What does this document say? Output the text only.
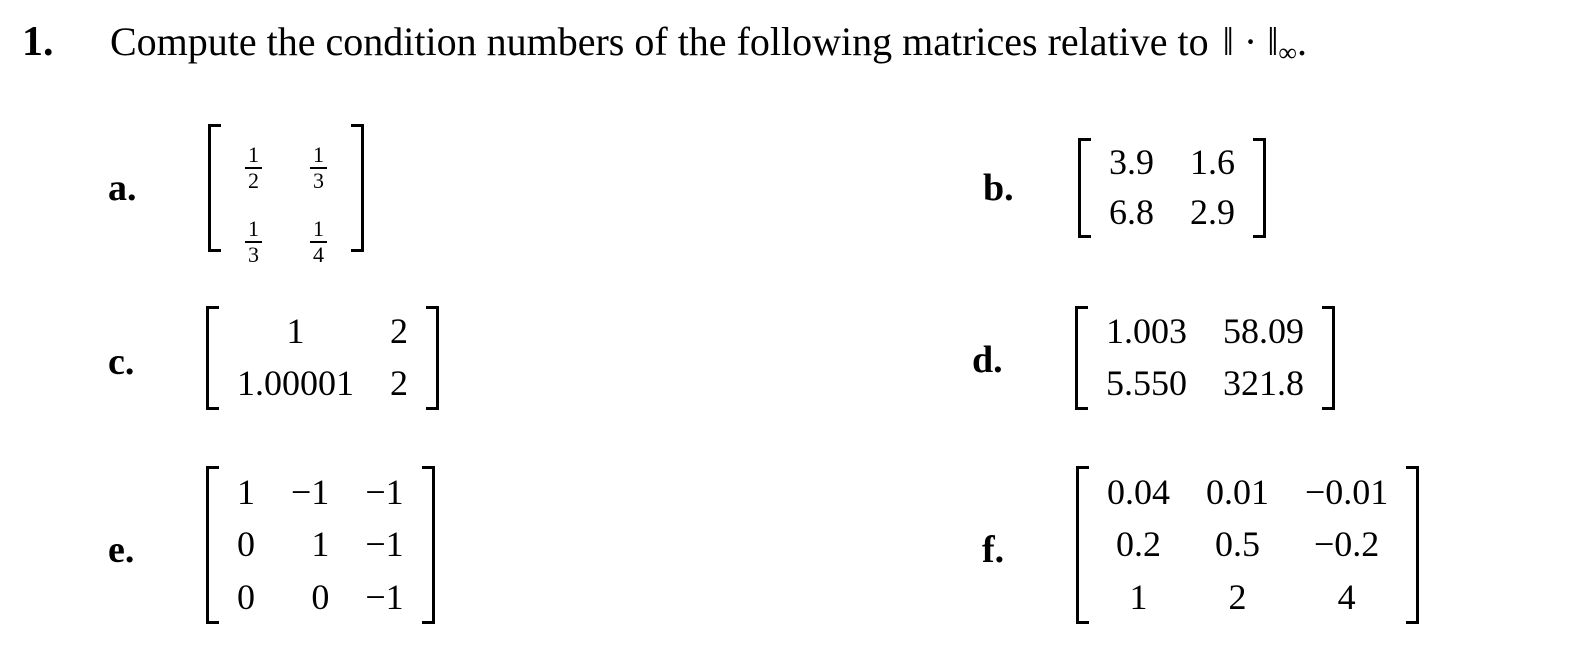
1. Compute the condition numbers of the following matrices relative to ‖ · $‖_\infty$.
a.	$\frac{1}{2}$	$\frac{1}{3}$

$\frac{1}{3}$	$\frac{1}{4}$
b.
3.9	1.6
6.8	2.9
c.
1	2
1.00001	2
d.
1.003	58.09
5.550	321.8
e.
1	−1	−1
0	1	−1
0	0	−1
f.
0.04	0.01	−0.01
0.2	0.5	−0.2
1	2	4
